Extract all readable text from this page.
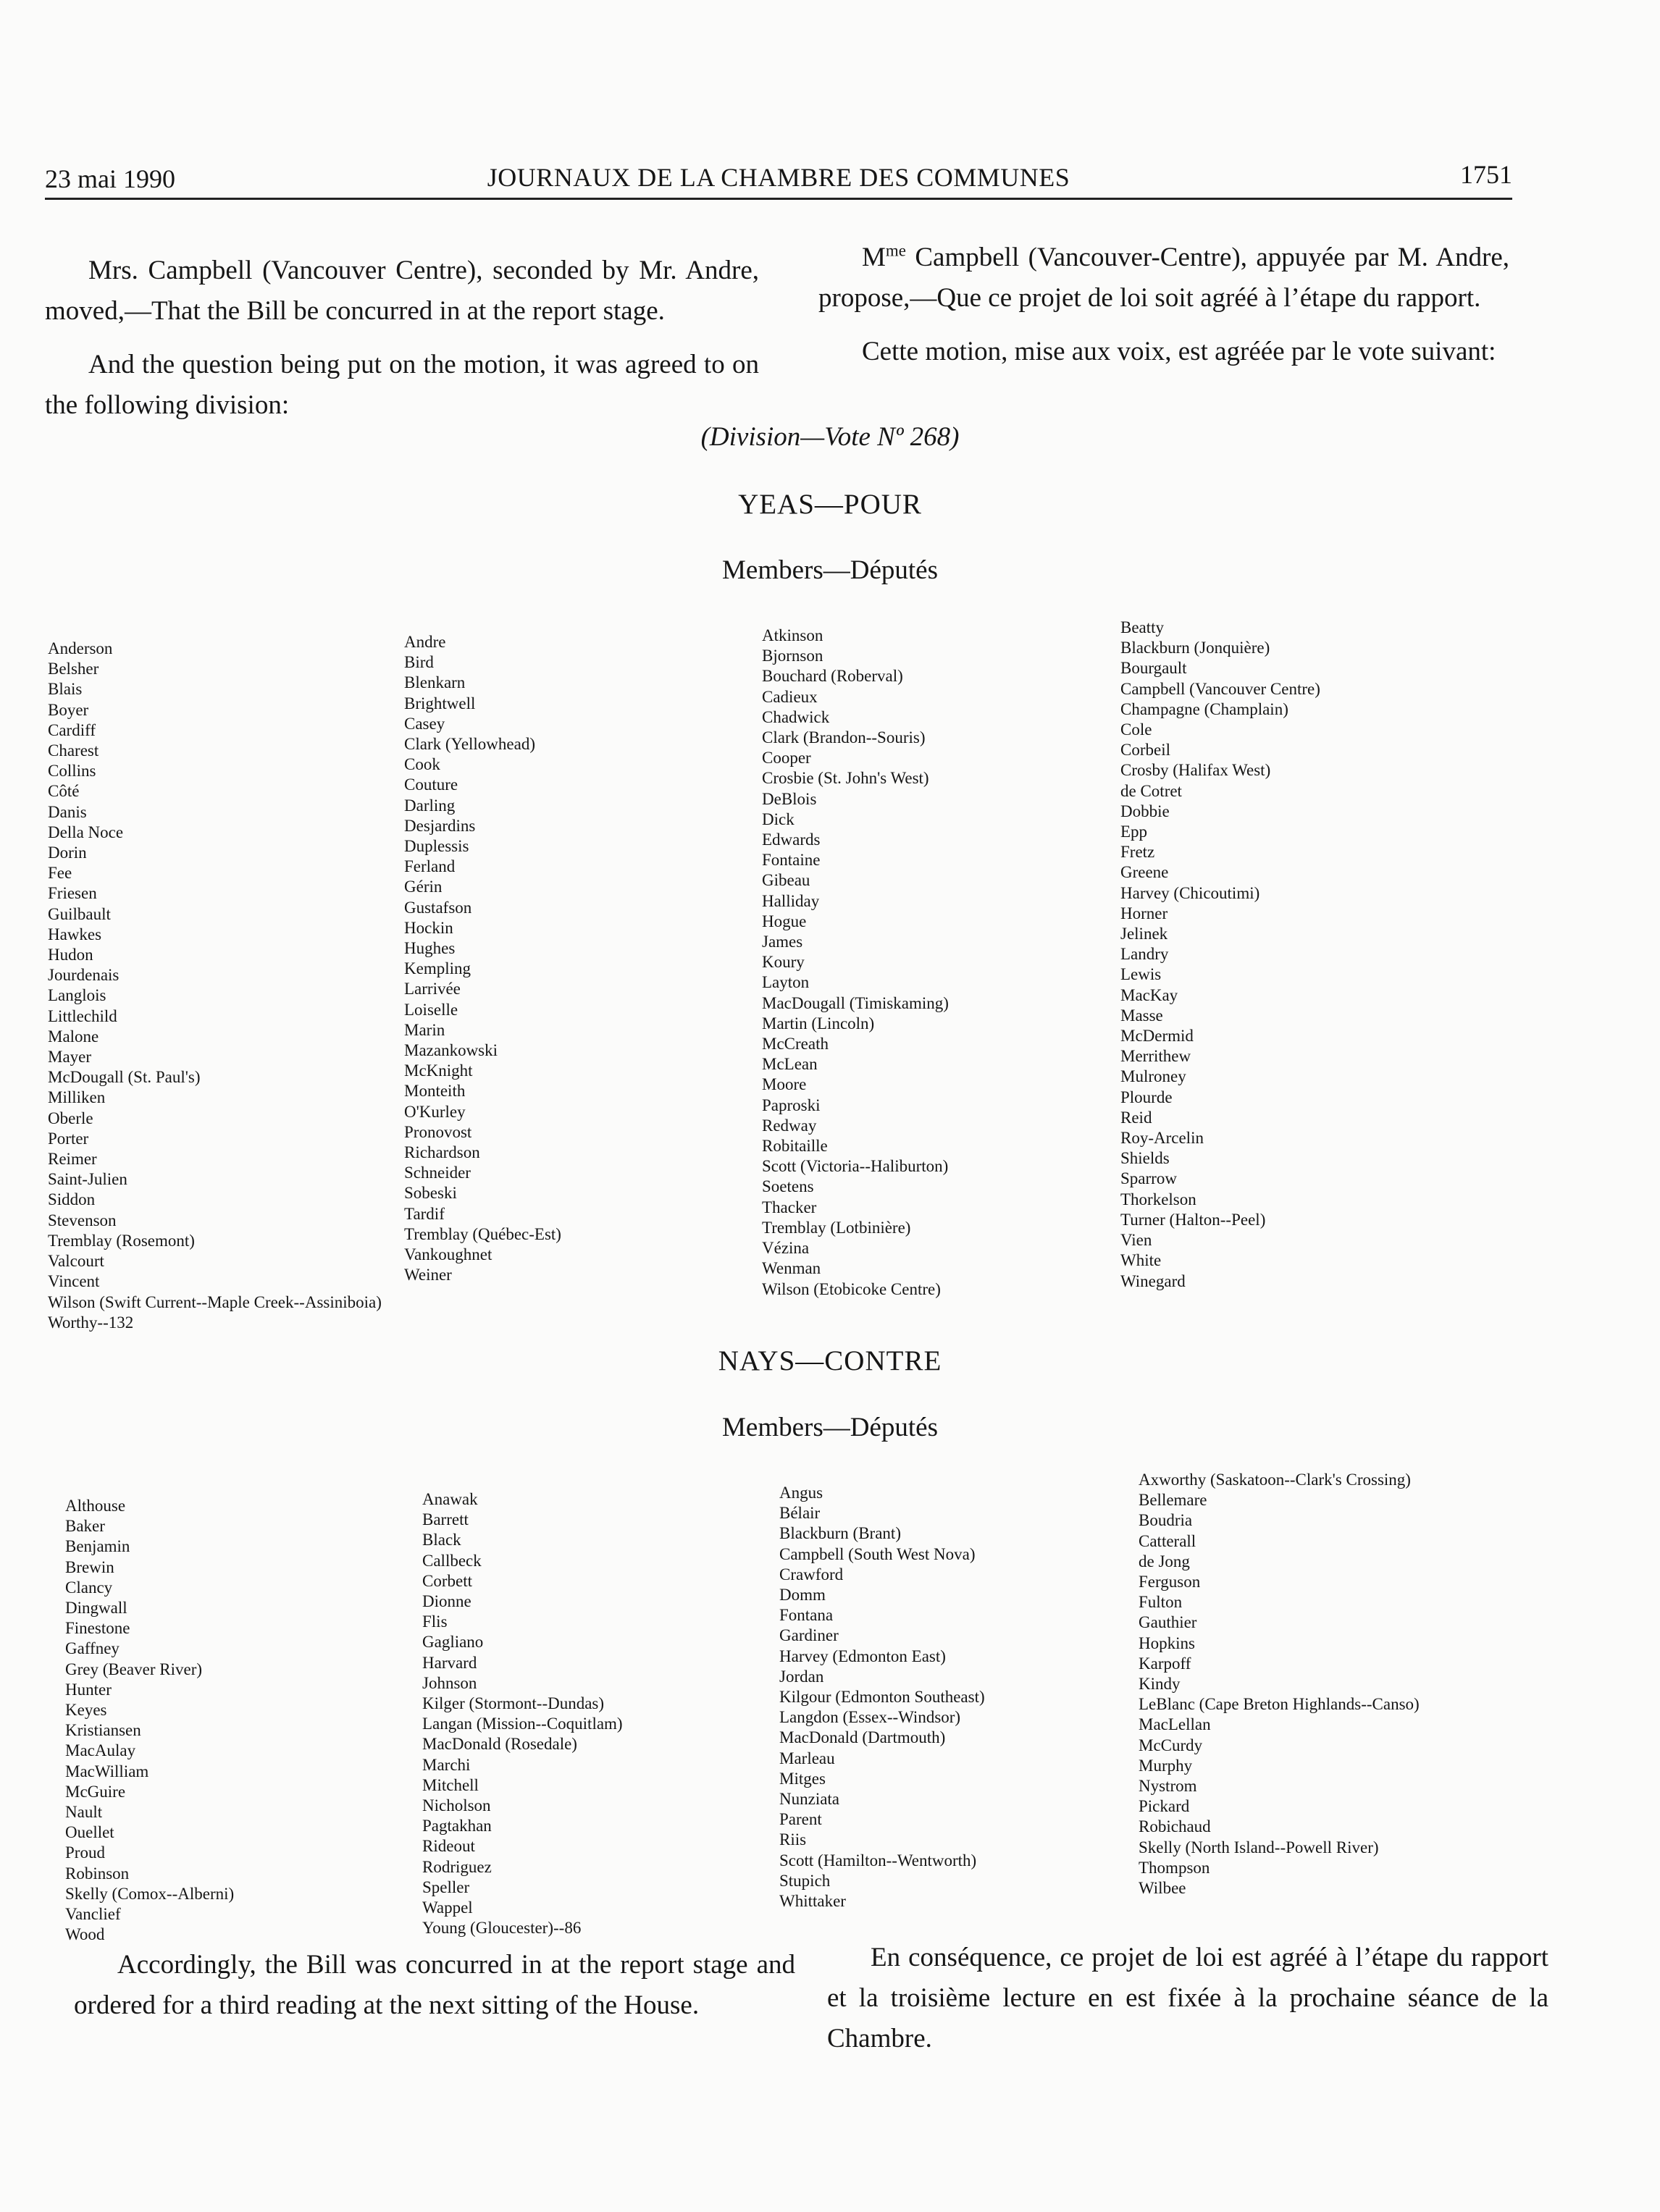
23 mai 1990	JOURNAUX DE LA CHAMBRE DES COMMUNES	1751

Mrs. Campbell (Vancouver Centre), seconded by Mr. Andre, moved,—That the Bill be concurred in at the report stage.

And the question being put on the motion, it was agreed to on the following division:

$M^{me}$ Campbell (Vancouver-Centre), appuyée par M. Andre, propose,—Que ce projet de loi soit agréé à l’étape du rapport.

Cette motion, mise aux voix, est agréée par le vote suivant:

(Division—Vote Nº 268)
YEAS—POUR
Members—Députés
Anderson
Belsher
Blais
Boyer
Cardiff
Charest
Collins
Côté
Danis
Della Noce
Dorin
Fee
Friesen
Guilbault
Hawkes
Hudon
Jourdenais
Langlois
Littlechild
Malone
Mayer
McDougall (St. Paul's)
Milliken
Oberle
Porter
Reimer
Saint-Julien
Siddon
Stevenson
Tremblay (Rosemont)
Valcourt
Vincent
Wilson (Swift Current--Maple Creek--Assiniboia)
Worthy--132
Andre
Bird
Blenkarn
Brightwell
Casey
Clark (Yellowhead)
Cook
Couture
Darling
Desjardins
Duplessis
Ferland
Gérin
Gustafson
Hockin
Hughes
Kempling
Larrivée
Loiselle
Marin
Mazankowski
McKnight
Monteith
O'Kurley
Pronovost
Richardson
Schneider
Sobeski
Tardif
Tremblay (Québec-Est)
Vankoughnet
Weiner
Atkinson
Bjornson
Bouchard (Roberval)
Cadieux
Chadwick
Clark (Brandon--Souris)
Cooper
Crosbie (St. John's West)
DeBlois
Dick
Edwards
Fontaine
Gibeau
Halliday
Hogue
James
Koury
Layton
MacDougall (Timiskaming)
Martin (Lincoln)
McCreath
McLean
Moore
Paproski
Redway
Robitaille
Scott (Victoria--Haliburton)
Soetens
Thacker
Tremblay (Lotbinière)
Vézina
Wenman
Wilson (Etobicoke Centre)
Beatty
Blackburn (Jonquière)
Bourgault
Campbell (Vancouver Centre)
Champagne (Champlain)
Cole
Corbeil
Crosby (Halifax West)
de Cotret
Dobbie
Epp
Fretz
Greene
Harvey (Chicoutimi)
Horner
Jelinek
Landry
Lewis
MacKay
Masse
McDermid
Merrithew
Mulroney
Plourde
Reid
Roy-Arcelin
Shields
Sparrow
Thorkelson
Turner (Halton--Peel)
Vien
White
Winegard
NAYS—CONTRE
Members—Députés
Althouse
Baker
Benjamin
Brewin
Clancy
Dingwall
Finestone
Gaffney
Grey (Beaver River)
Hunter
Keyes
Kristiansen
MacAulay
MacWilliam
McGuire
Nault
Ouellet
Proud
Robinson
Skelly (Comox--Alberni)
Vanclief
Wood
Anawak
Barrett
Black
Callbeck
Corbett
Dionne
Flis
Gagliano
Harvard
Johnson
Kilger (Stormont--Dundas)
Langan (Mission--Coquitlam)
MacDonald (Rosedale)
Marchi
Mitchell
Nicholson
Pagtakhan
Rideout
Rodriguez
Speller
Wappel
Young (Gloucester)--86
Angus
Bélair
Blackburn (Brant)
Campbell (South West Nova)
Crawford
Domm
Fontana
Gardiner
Harvey (Edmonton East)
Jordan
Kilgour (Edmonton Southeast)
Langdon (Essex--Windsor)
MacDonald (Dartmouth)
Marleau
Mitges
Nunziata
Parent
Riis
Scott (Hamilton--Wentworth)
Stupich
Whittaker
Axworthy (Saskatoon--Clark's Crossing)
Bellemare
Boudria
Catterall
de Jong
Ferguson
Fulton
Gauthier
Hopkins
Karpoff
Kindy
LeBlanc (Cape Breton Highlands--Canso)
MacLellan
McCurdy
Murphy
Nystrom
Pickard
Robichaud
Skelly (North Island--Powell River)
Thompson
Wilbee

Accordingly, the Bill was concurred in at the report stage and ordered for a third reading at the next sitting of the House.

En conséquence, ce projet de loi est agréé à l’étape du rapport et la troisième lecture en est fixée à la prochaine séance de la Chambre.
